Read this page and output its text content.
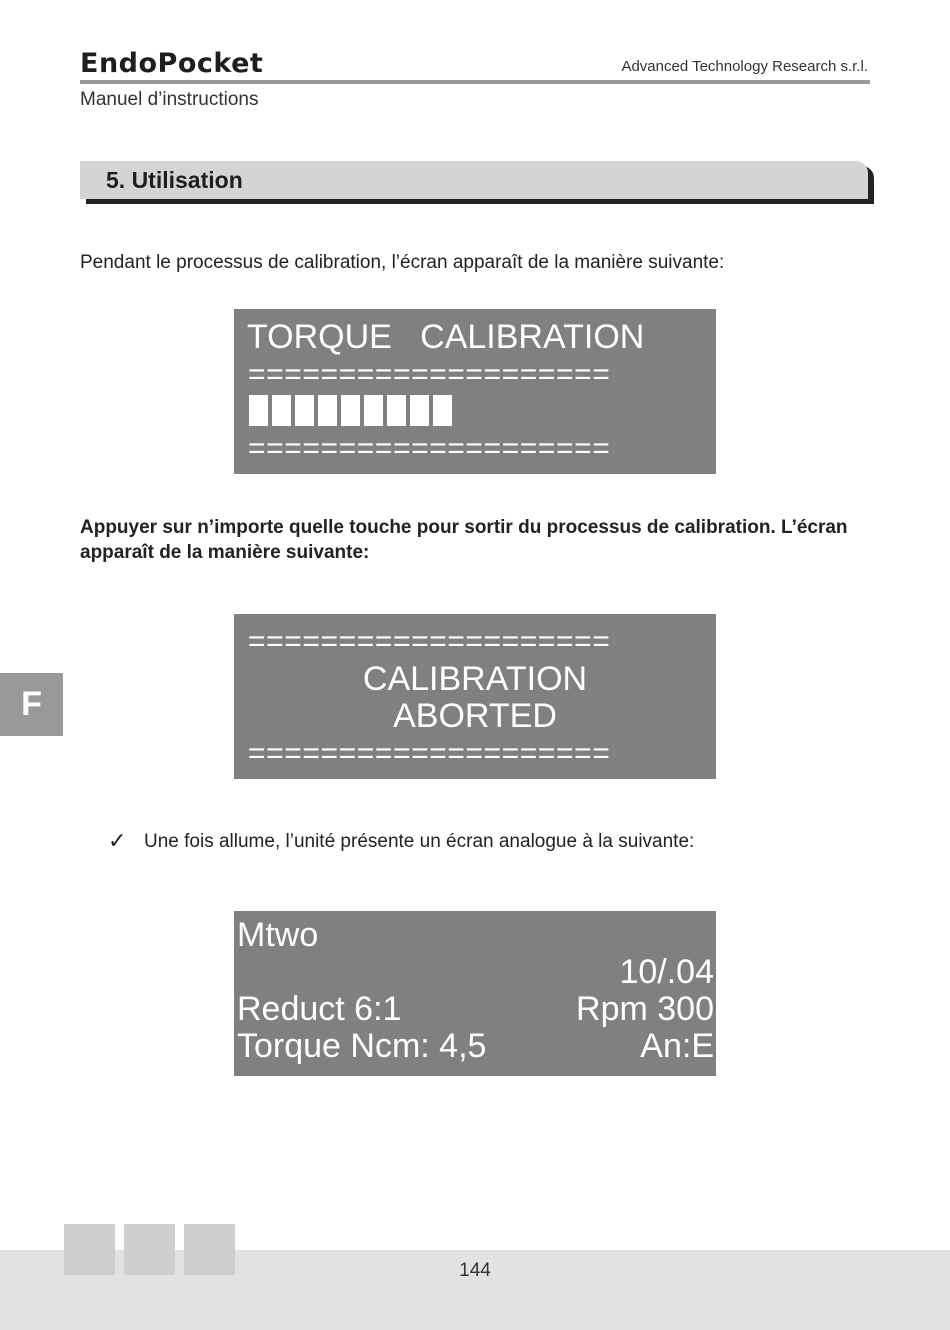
EndoPocket	Advanced Technology Research s.r.l.
Manuel d’instructions
5. Utilisation
Pendant le processus de calibration, l’écran apparaît de la manière suivante:
TORQUE   CALIBRATION
====================
====================
Appuyer sur n’importe quelle touche pour sortir du processus de calibration. L’écran apparaît de la manière suivante:
====================
CALIBRATION
ABORTED
====================
✓ Une fois allume, l’unité présente un écran analogue à la suivante:
Mtwo
10/.04
Reduct 6:1	Rpm 300
Torque Ncm: 4,5	An:E
F
144
